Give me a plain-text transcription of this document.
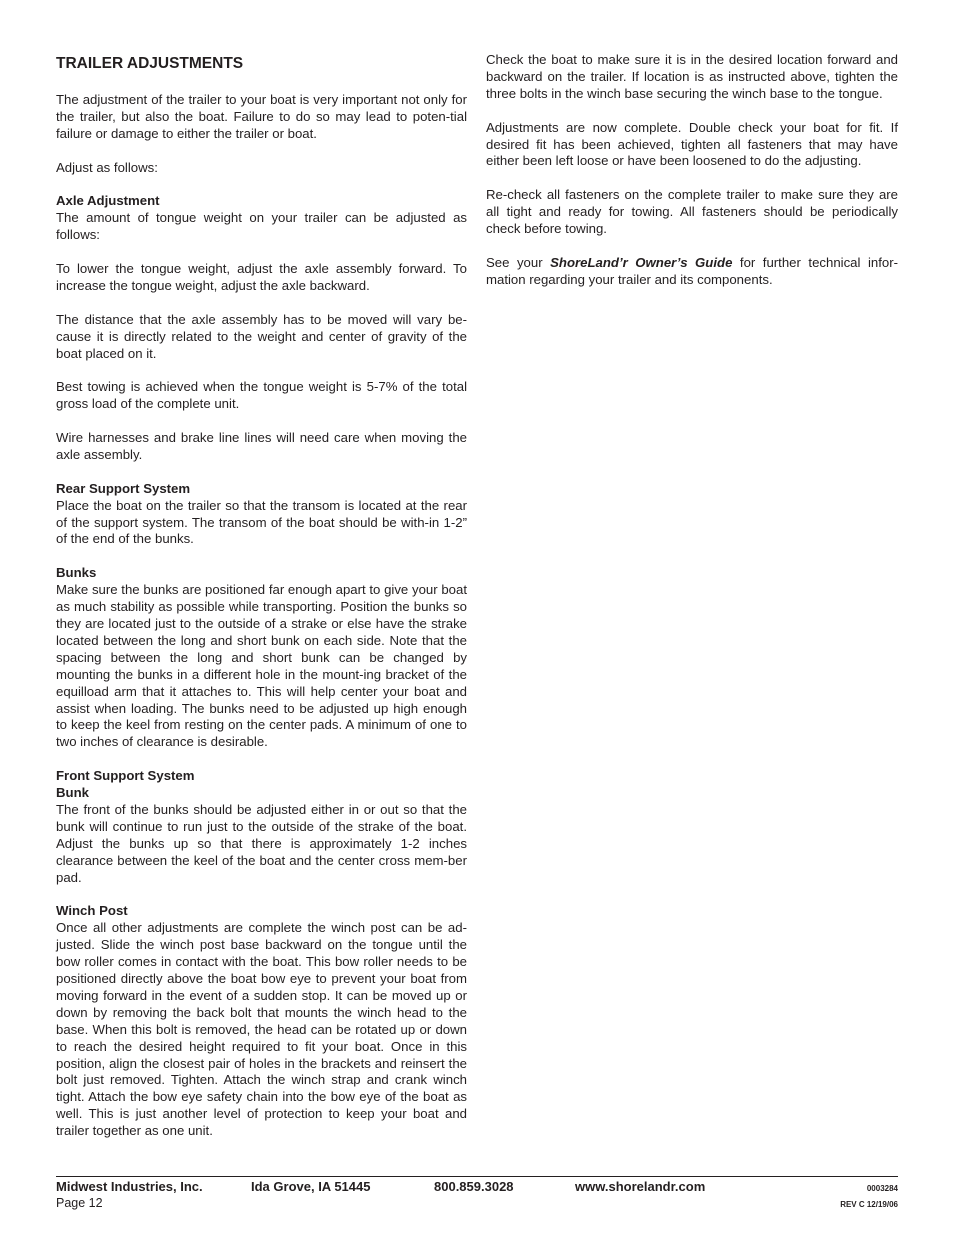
TRAILER ADJUSTMENTS

The adjustment of the trailer to your boat is very important not only for the trailer, but also the boat. Failure to do so may lead to poten-tial failure or damage to either the trailer or boat.

Adjust as follows:

Axle Adjustment
The amount of tongue weight on your trailer can be adjusted as follows:

To lower the tongue weight, adjust the axle assembly forward. To increase the tongue weight, adjust the axle backward.

The distance that the axle assembly has to be moved will vary be-cause it is directly related to the weight and center of gravity of the boat placed on it.

Best towing is achieved when the tongue weight is 5-7% of the total gross load of the complete unit.

Wire harnesses and brake line lines will need care when moving the axle assembly.

Rear Support System
Place the boat on the trailer so that the transom is located at the rear of the support system. The transom of the boat should be with-in 1-2” of the end of the bunks.

Bunks
Make sure the bunks are positioned far enough apart to give your boat as much stability as possible while transporting. Position the bunks so they are located just to the outside of a strake or else have the strake located between the long and short bunk on each side. Note that the spacing between the long and short bunk can be changed by mounting the bunks in a different hole in the mount-ing bracket of the equilload arm that it attaches to. This will help center your boat and assist when loading. The bunks need to be adjusted up high enough to keep the keel from resting on the center pads. A minimum of one to two inches of clearance is desirable.

Front Support System
Bunk
The front of the bunks should be adjusted either in or out so that the bunk will continue to run just to the outside of the strake of the boat. Adjust the bunks up so that there is approximately 1-2 inches clearance between the keel of the boat and the center cross mem-ber pad.

Winch Post
Once all other adjustments are complete the winch post can be ad-justed. Slide the winch post base backward on the tongue until the bow roller comes in contact with the boat. This bow roller needs to be positioned directly above the boat bow eye to prevent your boat from moving forward in the event of a sudden stop. It can be moved up or down by removing the back bolt that mounts the winch head to the base. When this bolt is removed, the head can be rotated up or down to reach the desired height required to fit your boat. Once in this position, align the closest pair of holes in the brackets and reinsert the bolt just removed. Tighten. Attach the winch strap and crank winch tight. Attach the bow eye safety chain into the bow eye of the boat as well. This is just another level of protection to keep your boat and trailer together as one unit.

Check the boat to make sure it is in the desired location forward and backward on the trailer. If location is as instructed above, tighten the three bolts in the winch base securing the winch base to the tongue.

Adjustments are now complete. Double check your boat for fit. If desired fit has been achieved, tighten all fasteners that may have either been left loose or have been loosened to do the adjusting.

Re-check all fasteners on the complete trailer to make sure they are all tight and ready for towing. All fasteners should be periodically check before towing.

See your ShoreLand’r Owner’s Guide for further technical infor-mation regarding your trailer and its components.

Midwest Industries, Inc.	Ida Grove, IA 51445	800.859.3028	www.shorelandr.com
Page 12
0003284
REV C 12/19/06
